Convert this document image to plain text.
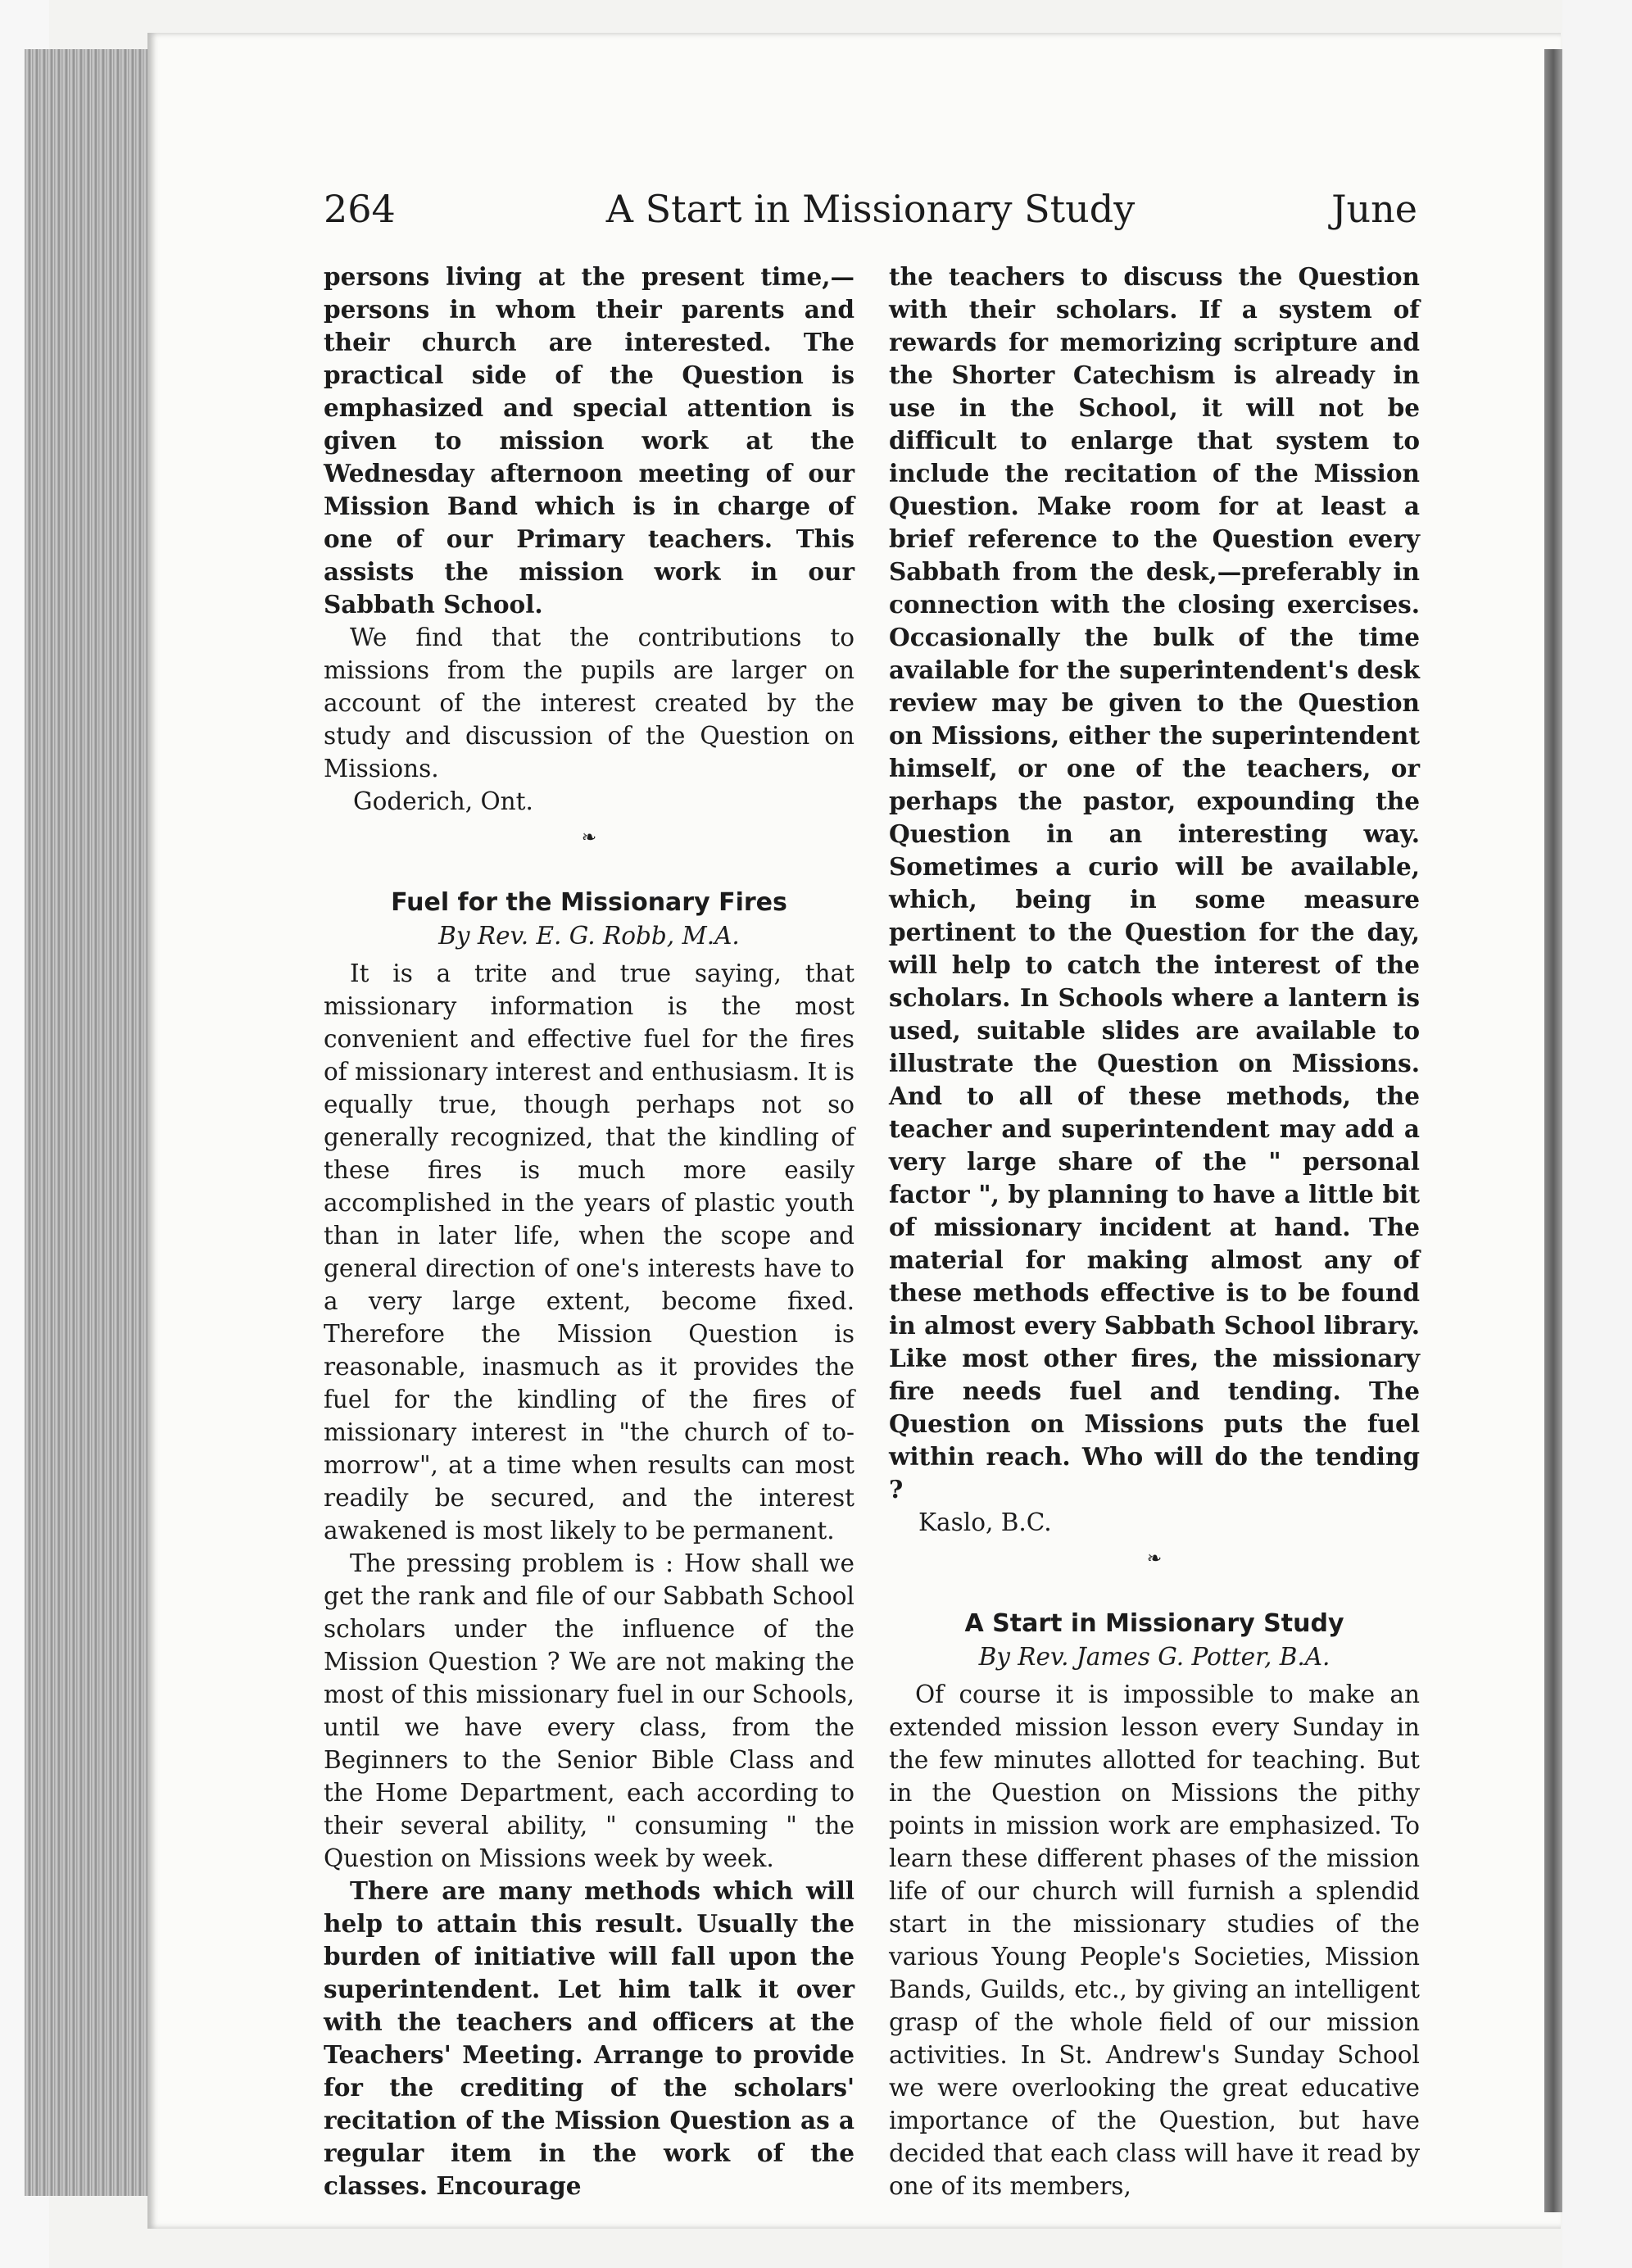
264	A Start in Missionary Study	June

persons living at the present time,—persons in whom their parents and their church are interested. The practical side of the Question is emphasized and special attention is given to mission work at the Wednesday afternoon meeting of our Mission Band which is in charge of one of our Primary teachers. This assists the mission work in our Sabbath School.

We find that the contributions to missions from the pupils are larger on account of the interest created by the study and discussion of the Question on Missions.

Goderich, Ont.

❧

Fuel for the Missionary Fires

By Rev. E. G. Robb, M.A.

It is a trite and true saying, that missionary information is the most convenient and effective fuel for the fires of missionary interest and enthusiasm. It is equally true, though perhaps not so generally recognized, that the kindling of these fires is much more easily accomplished in the years of plastic youth than in later life, when the scope and general direction of one's interests have to a very large extent, become fixed. Therefore the Mission Question is reasonable, inasmuch as it provides the fuel for the kindling of the fires of missionary interest in "the church of to-morrow", at a time when results can most readily be secured, and the interest awakened is most likely to be permanent.

The pressing problem is : How shall we get the rank and file of our Sabbath School scholars under the influence of the Mission Question ? We are not making the most of this missionary fuel in our Schools, until we have every class, from the Beginners to the Senior Bible Class and the Home Department, each according to their several ability, " consuming " the Question on Missions week by week.

There are many methods which will help to attain this result. Usually the burden of initiative will fall upon the superintendent. Let him talk it over with the teachers and officers at the Teachers' Meeting. Arrange to provide for the crediting of the scholars' recitation of the Mission Question as a regular item in the work of the classes. Encourage

the teachers to discuss the Question with their scholars. If a system of rewards for memorizing scripture and the Shorter Catechism is already in use in the School, it will not be difficult to enlarge that system to include the recitation of the Mission Question. Make room for at least a brief reference to the Question every Sabbath from the desk,—preferably in connection with the closing exercises. Occasionally the bulk of the time available for the superintendent's desk review may be given to the Question on Missions, either the superintendent himself, or one of the teachers, or perhaps the pastor, expounding the Question in an interesting way. Sometimes a curio will be available, which, being in some measure pertinent to the Question for the day, will help to catch the interest of the scholars. In Schools where a lantern is used, suitable slides are available to illustrate the Question on Missions. And to all of these methods, the teacher and superintendent may add a very large share of the " personal factor ", by planning to have a little bit of missionary incident at hand. The material for making almost any of these methods effective is to be found in almost every Sabbath School library. Like most other fires, the missionary fire needs fuel and tending. The Question on Missions puts the fuel within reach. Who will do the tending ?

Kaslo, B.C.

❧

A Start in Missionary Study

By Rev. James G. Potter, B.A.

Of course it is impossible to make an extended mission lesson every Sunday in the few minutes allotted for teaching. But in the Question on Missions the pithy points in mission work are emphasized. To learn these different phases of the mission life of our church will furnish a splendid start in the missionary studies of the various Young People's Societies, Mission Bands, Guilds, etc., by giving an intelligent grasp of the whole field of our mission activities. In St. Andrew's Sunday School we were overlooking the great educative importance of the Question, but have decided that each class will have it read by one of its members,
